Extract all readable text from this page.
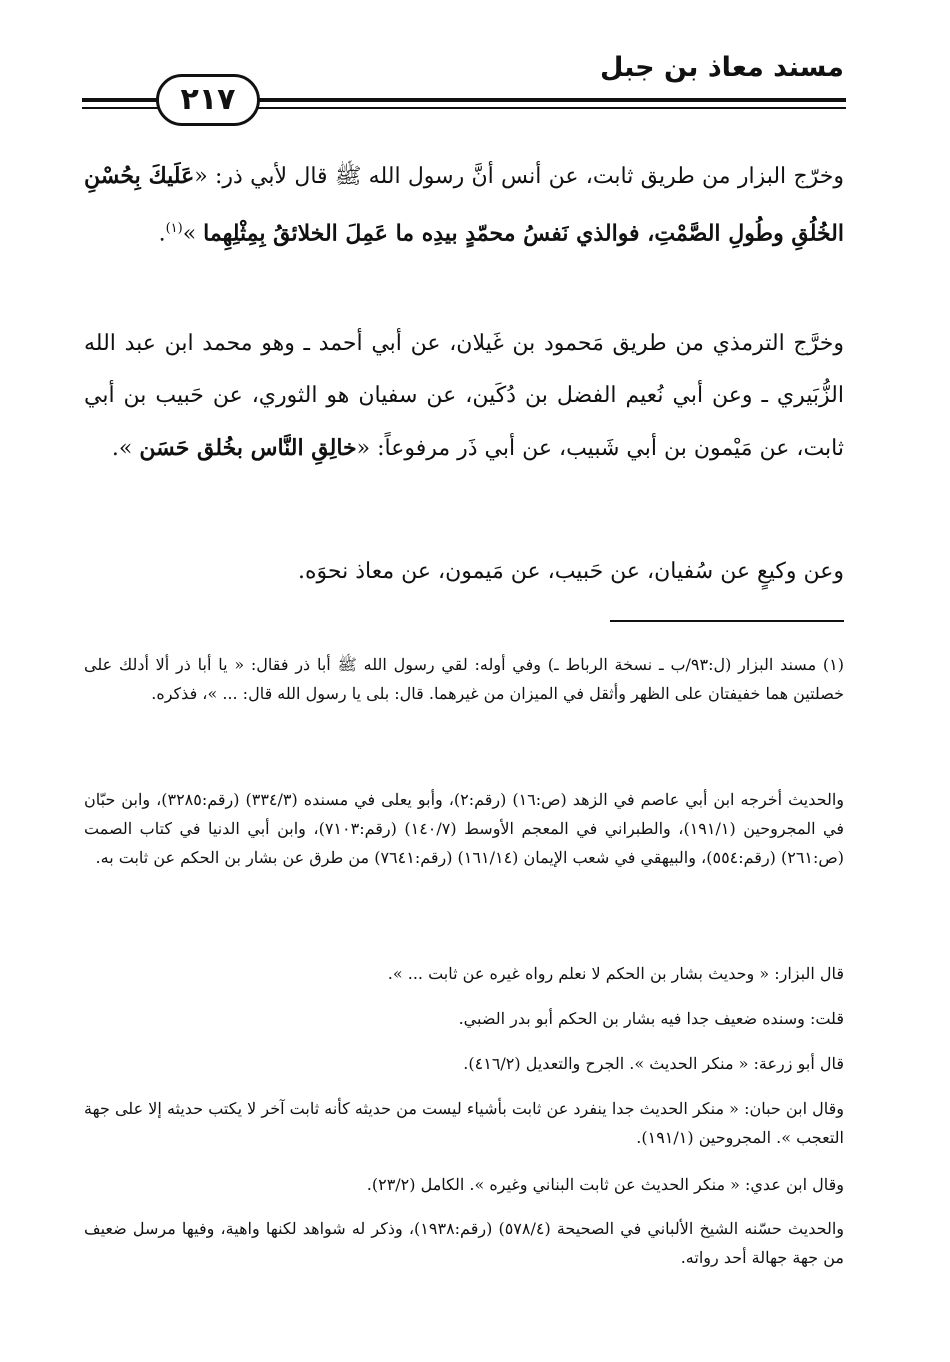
مسند معاذ بن جبل
٢١٧

وخرّج البزار من طريق ثابت، عن أنس أنَّ رسول الله ﷺ قال لأبي ذر: «عَلَيكَ بِحُسْنِ الخُلُقِ وطُولِ الصَّمْتِ، فوالذي نَفسُ محمّدٍ بيدِه ما عَمِلَ الخلائقُ بِمِثْلِهِما »$^{(١)}$.

وخرَّج الترمذي من طريق مَحمود بن غَيلان، عن أبي أحمد ـ وهو محمد ابن عبد الله الزُّبَيري ـ وعن أبي نُعيم الفضل بن دُكَين، عن سفيان هو الثوري، عن حَبيب بن أبي ثابت، عن مَيْمون بن أبي شَبيب، عن أبي ذَر مرفوعاً: «خالِقِ النَّاس بخُلق حَسَن ».

وعن وكيعٍ عن سُفيان، عن حَبيب، عن مَيمون، عن معاذ نحوَه.

(١) مسند البزار (ل:٩٣/ب ـ نسخة الرباط ـ) وفي أوله: لقي رسول الله ﷺ أبا ذر فقال: « يا أبا ذر ألا أدلك على خصلتين هما خفيفتان على الظهر وأثقل في الميزان من غيرهما. قال: بلى يا رسول الله قال: ... »، فذكره.

والحديث أخرجه ابن أبي عاصم في الزهد (ص:١٦) (رقم:٢)، وأبو يعلى في مسنده (٣٣٤/٣) (رقم:٣٢٨٥)، وابن حبّان في المجروحين (١٩١/١)، والطبراني في المعجم الأوسط (١٤٠/٧) (رقم:٧١٠٣)، وابن أبي الدنيا في كتاب الصمت (ص:٢٦١) (رقم:٥٥٤)، والبيهقي في شعب الإيمان (١٦١/١٤) (رقم:٧٦٤١) من طرق عن بشار بن الحكم عن ثابت به.

قال البزار: « وحديث بشار بن الحكم لا نعلم رواه غيره عن ثابت ... ».

قلت: وسنده ضعيف جدا فيه بشار بن الحكم أبو بدر الضبي.

قال أبو زرعة: « منكر الحديث ». الجرح والتعديل (٤١٦/٢).

وقال ابن حبان: « منكر الحديث جدا ينفرد عن ثابت بأشياء ليست من حديثه كأنه ثابت آخر لا يكتب حديثه إلا على جهة التعجب ». المجروحين (١٩١/١).

وقال ابن عدي: « منكر الحديث عن ثابت البناني وغيره ». الكامل (٢٣/٢).

والحديث حسّنه الشيخ الألباني في الصحيحة (٥٧٨/٤) (رقم:١٩٣٨)، وذكر له شواهد لكنها واهية، وفيها مرسل ضعيف من جهة جهالة أحد رواته.
